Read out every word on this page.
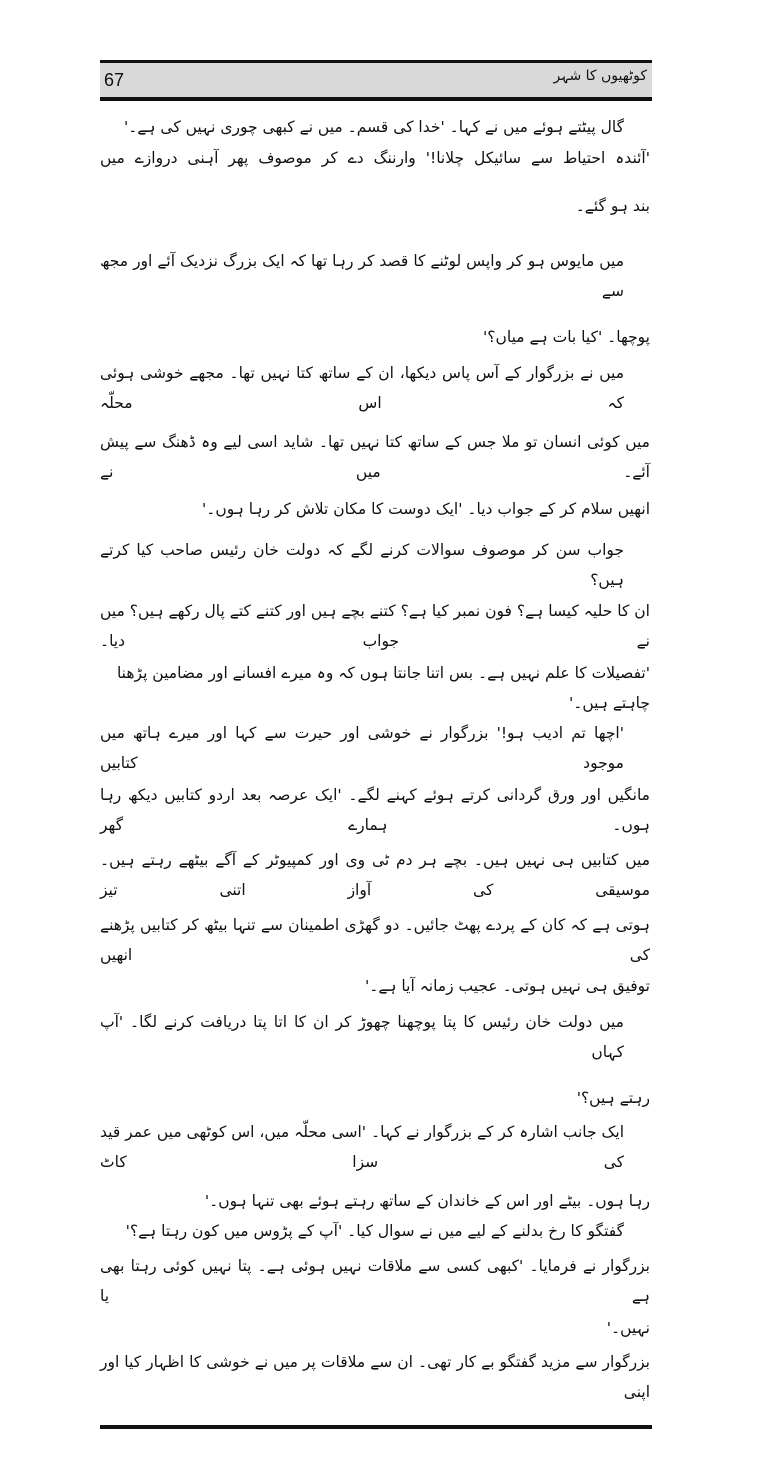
67	کوٹھیوں کا شہر
گال پیٹتے ہوئے میں نے کہا۔ 'خدا کی قسم۔ میں نے کبھی چوری نہیں کی ہے۔'
'آئندہ احتیاط سے سائیکل چلانا!' وارننگ دے کر موصوف پھر آہنی دروازے میں
بند ہو گئے۔
میں مایوس ہو کر واپس لوٹنے کا قصد کر رہا تھا کہ ایک بزرگ نزدیک آئے اور مجھ سے
پوچھا۔ 'کیا بات ہے میاں؟'
میں نے بزرگوار کے آس پاس دیکھا، ان کے ساتھ کتا نہیں تھا۔ مجھے خوشی ہوئی کہ اس محلّہ
میں کوئی انسان تو ملا جس کے ساتھ کتا نہیں تھا۔ شاید اسی لیے وہ ڈھنگ سے پیش آئے۔ میں نے
انھیں سلام کر کے جواب دیا۔ 'ایک دوست کا مکان تلاش کر رہا ہوں۔'
جواب سن کر موصوف سوالات کرنے لگے کہ دولت خان رئیس صاحب کیا کرتے ہیں؟
ان کا حلیہ کیسا ہے؟ فون نمبر کیا ہے؟ کتنے بچے ہیں اور کتنے کتے پال رکھے ہیں؟ میں نے جواب دیا۔
'تفصیلات کا علم نہیں ہے۔ بس اتنا جانتا ہوں کہ وہ میرے افسانے اور مضامین پڑھنا چاہتے ہیں۔'
'اچھا تم ادیب ہو!' بزرگوار نے خوشی اور حیرت سے کہا اور میرے ہاتھ میں موجود کتابیں
مانگیں اور ورق گردانی کرتے ہوئے کہنے لگے۔ 'ایک عرصہ بعد اردو کتابیں دیکھ رہا ہوں۔ ہمارے گھر
میں کتابیں ہی نہیں ہیں۔ بچے ہر دم ٹی وی اور کمپیوٹر کے آگے بیٹھے رہتے ہیں۔ موسیقی کی آواز اتنی تیز
ہوتی ہے کہ کان کے پردے پھٹ جائیں۔ دو گھڑی اطمینان سے تنہا بیٹھ کر کتابیں پڑھنے کی انھیں
توفیق ہی نہیں ہوتی۔ عجیب زمانہ آیا ہے۔'
میں دولت خان رئیس کا پتا پوچھنا چھوڑ کر ان کا اتا پتا دریافت کرنے لگا۔ 'آپ کہاں
رہتے ہیں؟'
ایک جانب اشارہ کر کے بزرگوار نے کہا۔ 'اسی محلّہ میں، اس کوٹھی میں عمر قید کی سزا کاٹ
رہا ہوں۔ بیٹے اور اس کے خاندان کے ساتھ رہتے ہوئے بھی تنہا ہوں۔'
گفتگو کا رخ بدلنے کے لیے میں نے سوال کیا۔ 'آپ کے پڑوس میں کون رہتا ہے؟'
بزرگوار نے فرمایا۔ 'کبھی کسی سے ملاقات نہیں ہوئی ہے۔ پتا نہیں کوئی رہتا بھی ہے یا
نہیں۔'
بزرگوار سے مزید گفتگو بے کار تھی۔ ان سے ملاقات پر میں نے خوشی کا اظہار کیا اور اپنی
